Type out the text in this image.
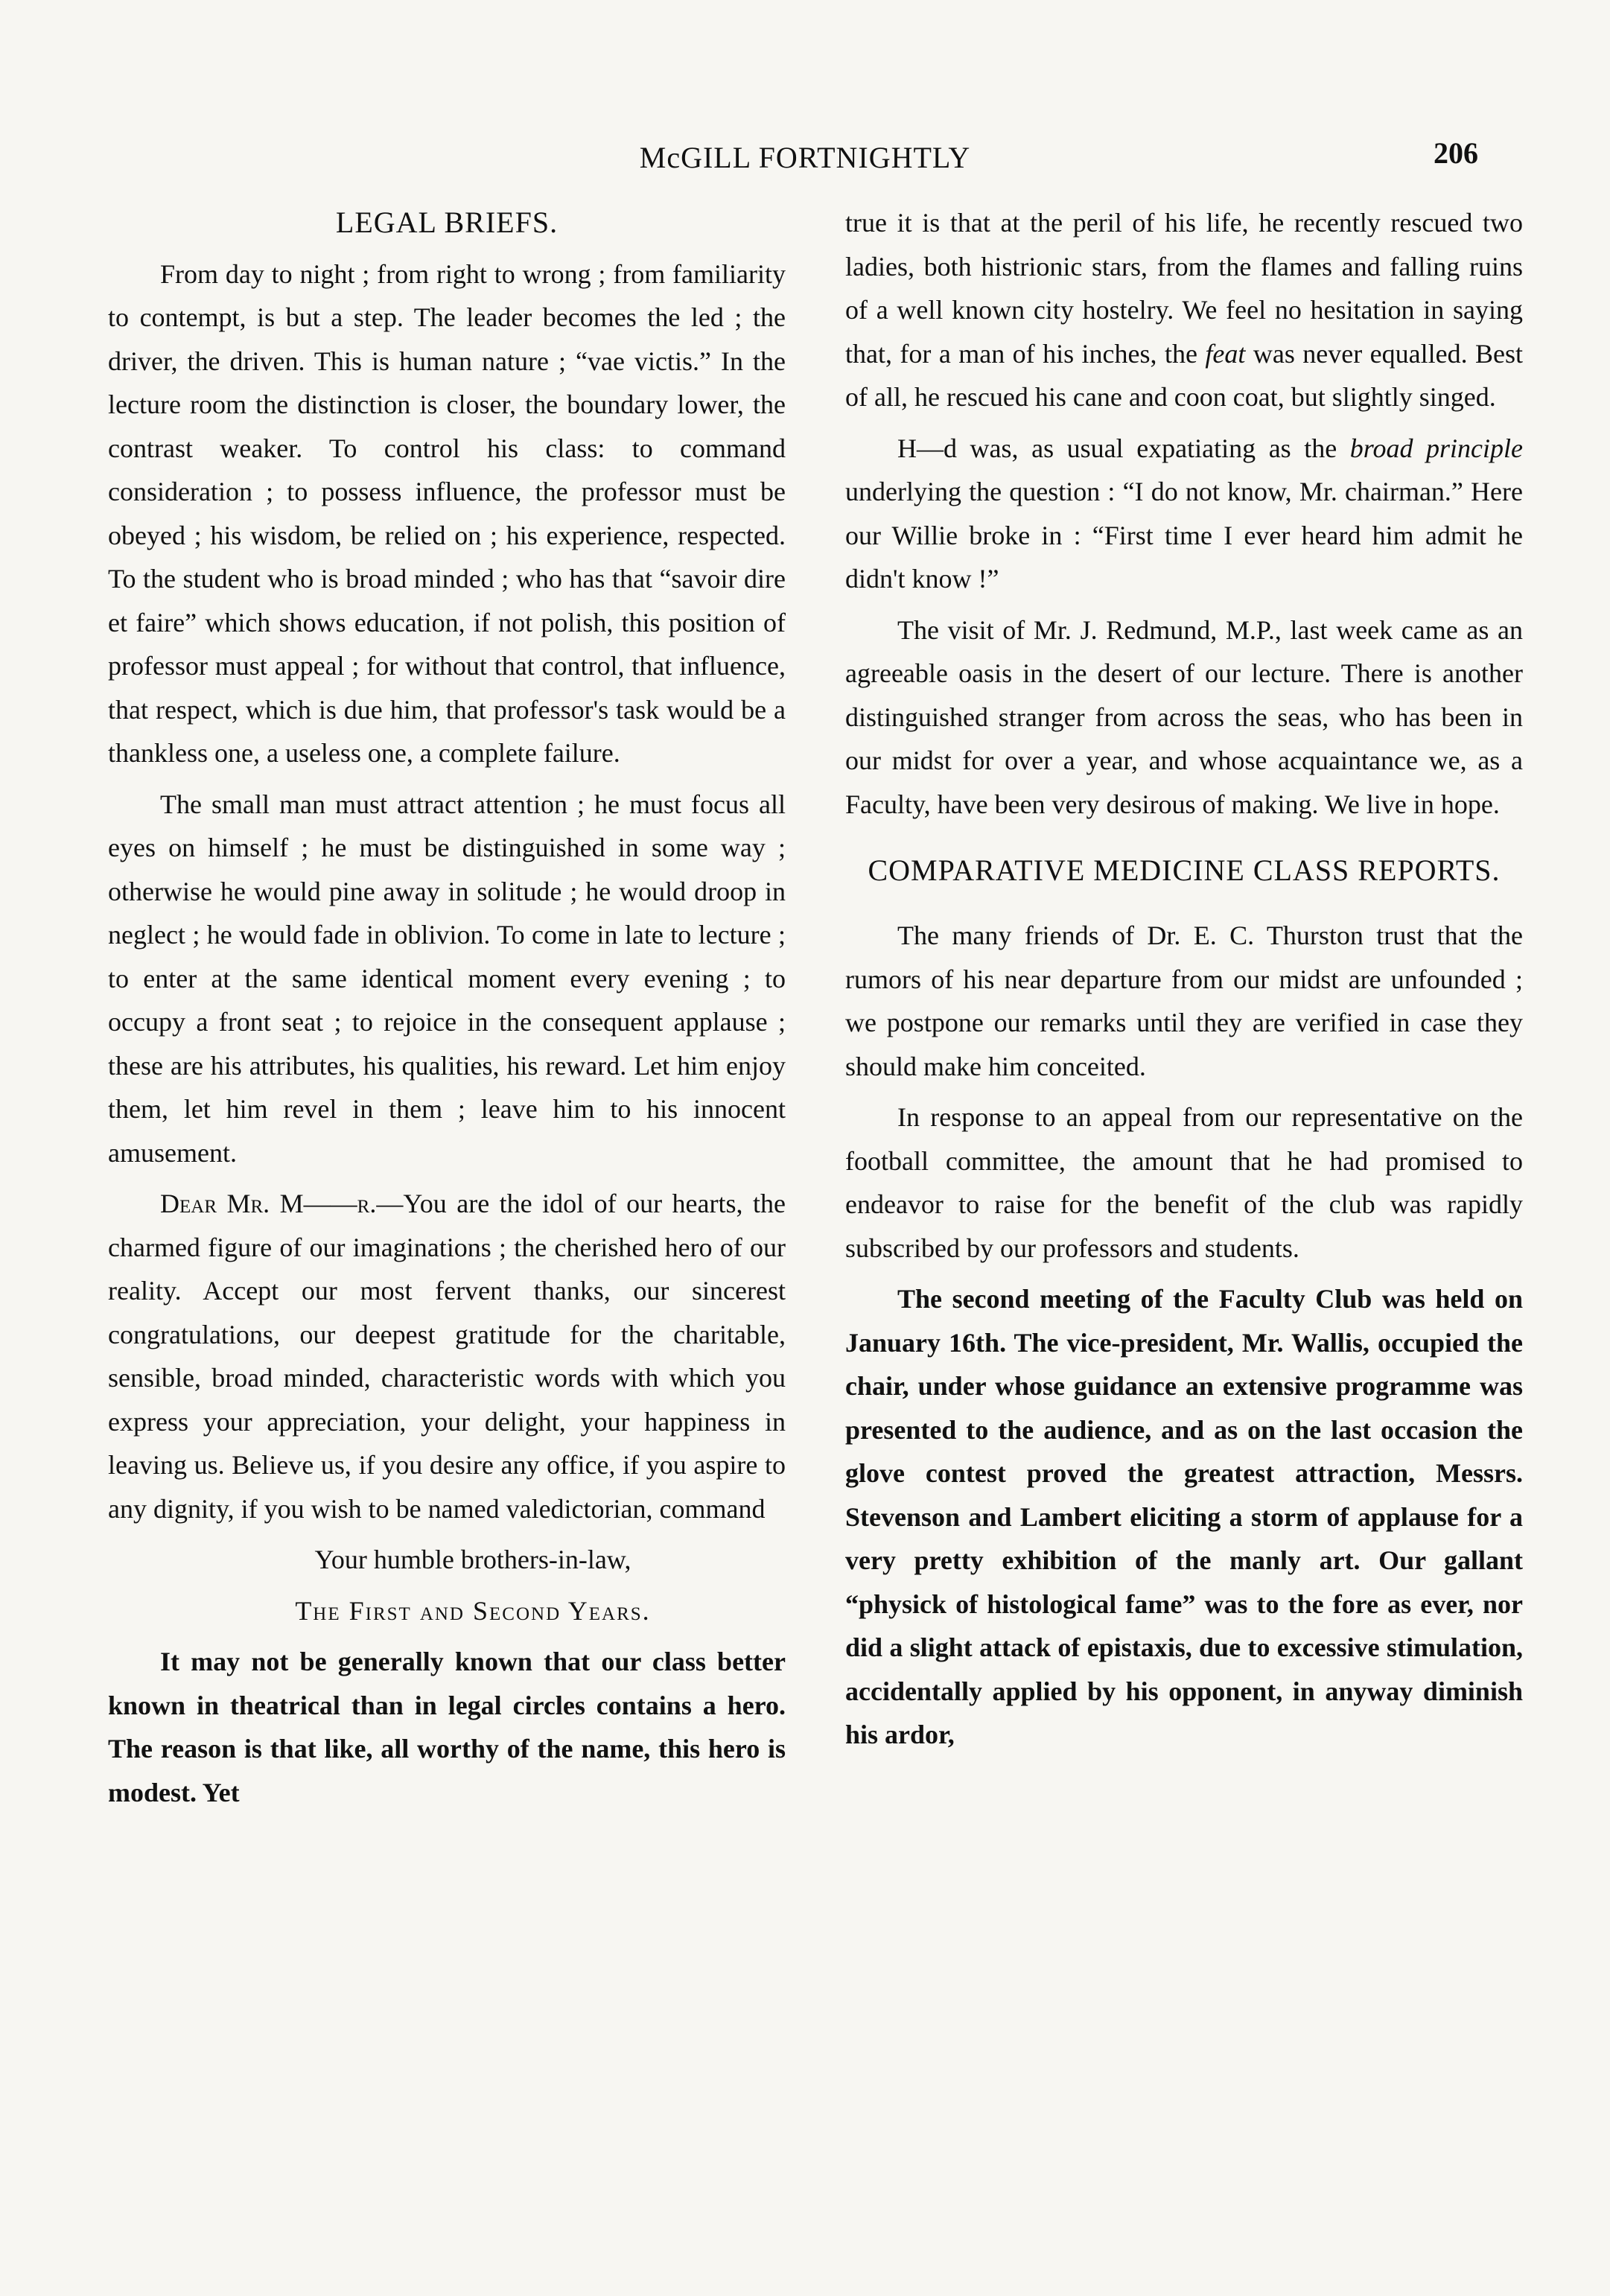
McGILL FORTNIGHTLY	206
LEGAL BRIEFS.

From day to night ; from right to wrong ; from familiarity to contempt, is but a step. The leader becomes the led ; the driver, the driven. This is human nature ; “vae victis.” In the lecture room the distinction is closer, the boundary lower, the contrast weaker. To control his class: to command consideration ; to possess influence, the professor must be obeyed ; his wisdom, be relied on ; his experience, respected. To the student who is broad minded ; who has that “savoir dire et faire” which shows education, if not polish, this position of professor must appeal ; for without that control, that influence, that respect, which is due him, that professor's task would be a thankless one, a useless one, a complete failure.

The small man must attract attention ; he must focus all eyes on himself ; he must be distinguished in some way ; otherwise he would pine away in solitude ; he would droop in neglect ; he would fade in oblivion. To come in late to lecture ; to enter at the same identical moment every evening ; to occupy a front seat ; to rejoice in the consequent applause ; these are his attributes, his qualities, his reward. Let him enjoy them, let him revel in them ; leave him to his innocent amusement.

Dear Mr. M——r.—You are the idol of our hearts, the charmed figure of our imaginations ; the cherished hero of our reality. Accept our most fervent thanks, our sincerest congratulations, our deepest gratitude for the charitable, sensible, broad minded, characteristic words with which you express your appreciation, your delight, your happiness in leaving us. Believe us, if you desire any office, if you aspire to any dignity, if you wish to be named valedictorian, command

Your humble brothers-in-law,

The First and Second Years.

It may not be generally known that our class better known in theatrical than in legal circles contains a hero. The reason is that like, all worthy of the name, this hero is modest. Yet

true it is that at the peril of his life, he recently rescued two ladies, both histrionic stars, from the flames and falling ruins of a well known city hostelry. We feel no hesitation in saying that, for a man of his inches, the feat was never equalled. Best of all, he rescued his cane and coon coat, but slightly singed.

H—d was, as usual expatiating as the broad principle underlying the question : “I do not know, Mr. chairman.” Here our Willie broke in : “First time I ever heard him admit he didn't know !”

The visit of Mr. J. Redmund, M.P., last week came as an agreeable oasis in the desert of our lecture. There is another distinguished stranger from across the seas, who has been in our midst for over a year, and whose acquaintance we, as a Faculty, have been very desirous of making. We live in hope.

COMPARATIVE MEDICINE CLASS REPORTS.

The many friends of Dr. E. C. Thurston trust that the rumors of his near departure from our midst are unfounded ; we postpone our remarks until they are verified in case they should make him conceited.

In response to an appeal from our representative on the football committee, the amount that he had promised to endeavor to raise for the benefit of the club was rapidly subscribed by our professors and students.

The second meeting of the Faculty Club was held on January 16th. The vice-president, Mr. Wallis, occupied the chair, under whose guidance an extensive programme was presented to the audience, and as on the last occasion the glove contest proved the greatest attraction, Messrs. Stevenson and Lambert eliciting a storm of applause for a very pretty exhibition of the manly art. Our gallant “physick of histological fame” was to the fore as ever, nor did a slight attack of epistaxis, due to excessive stimulation, accidentally applied by his opponent, in anyway diminish his ardor,
